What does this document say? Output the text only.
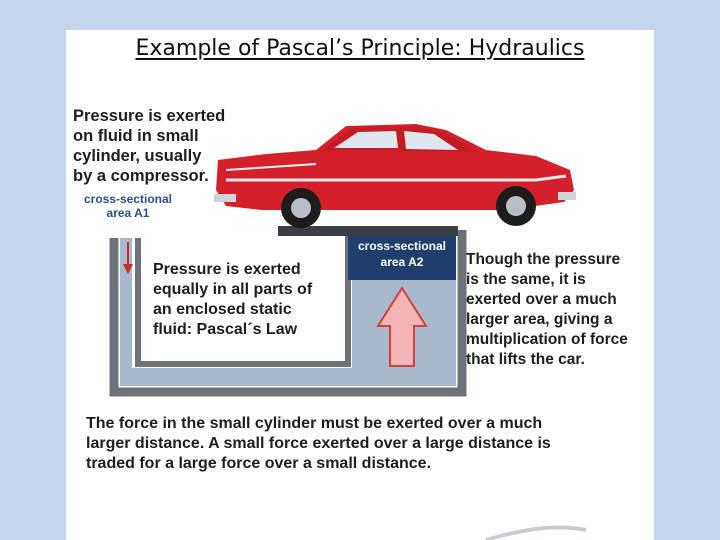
Example of Pascal’s Principle: Hydraulics
Pressure is exerted
on fluid in small
cylinder, usually
by a compressor.
cross-sectional
area A1
cross-sectional
area A2
Pressure is exerted
equally in all parts of
an enclosed static
fluid: Pascal´s Law
Though the pressure
is the same, it is
exerted over a much
larger area, giving a
multiplication of force
that lifts the car.
The force in the small cylinder must be exerted over a much
larger distance. A small force exerted over a large distance is
traded for a large force over a small distance.
